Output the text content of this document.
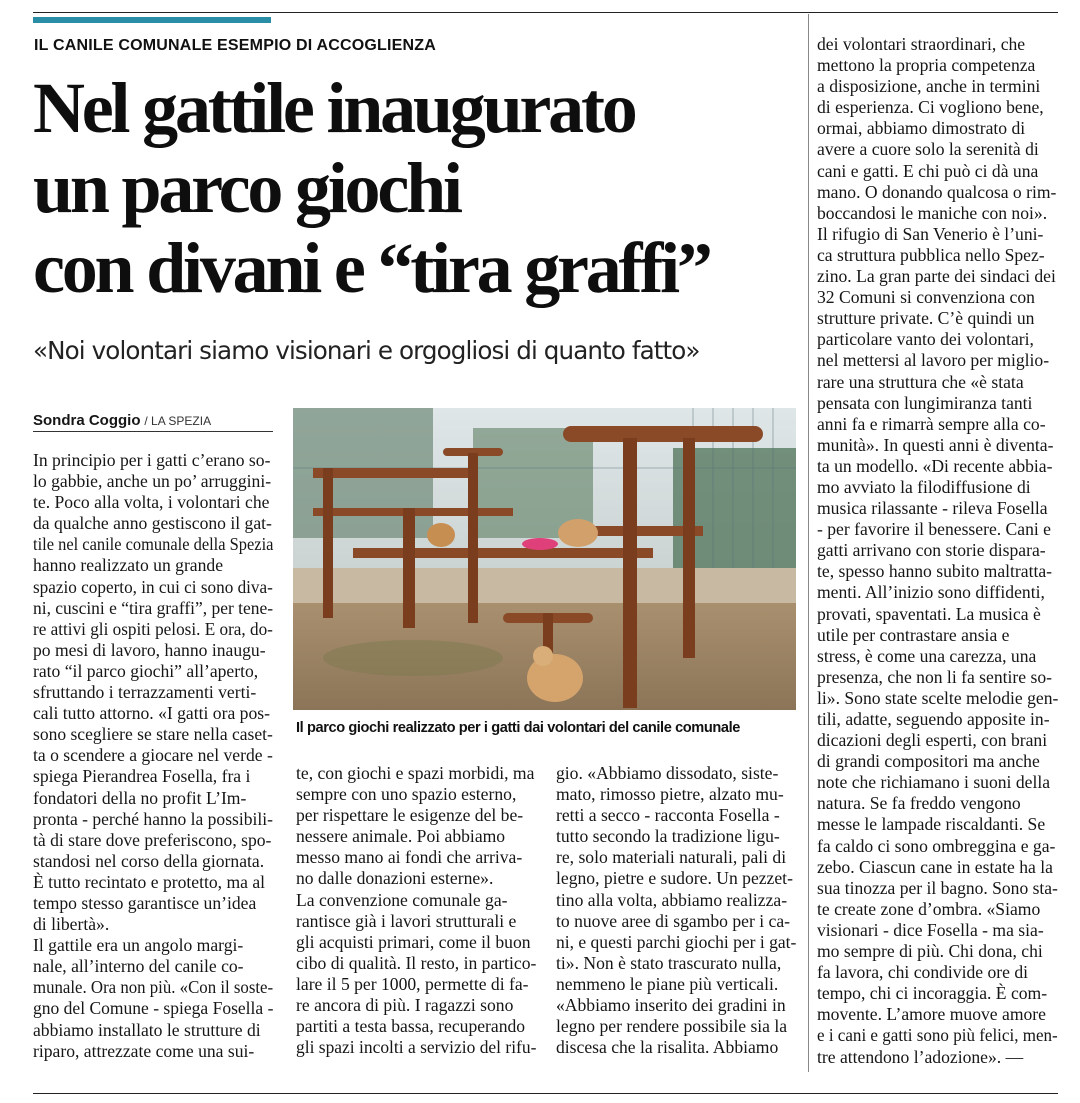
IL CANILE COMUNALE ESEMPIO DI ACCOGLIENZA
Nel gattile inaugurato
un parco giochi
con divani e “tira graffi”
«Noi volontari siamo visionari e orgogliosi di quanto fatto»
Sondra Coggio / LA SPEZIA
Il parco giochi realizzato per i gatti dai volontari del canile comunale
In principio per i gatti c’erano so-
lo gabbie, anche un po’ arruggini-
te. Poco alla volta, i volontari che
da qualche anno gestiscono il gat-
tile nel canile comunale della Spezia
hanno realizzato un grande
spazio coperto, in cui ci sono diva-
ni, cuscini e “tira graffi”, per tene-
re attivi gli ospiti pelosi. E ora, do-
po mesi di lavoro, hanno inaugu-
rato “il parco giochi” all’aperto,
sfruttando i terrazzamenti verti-
cali tutto attorno. «I gatti ora pos-
sono scegliere se stare nella caset-
ta o scendere a giocare nel verde -
spiega Pierandrea Fosella, fra i
fondatori della no profit L’Im-
pronta - perché hanno la possibili-
tà di stare dove preferiscono, spo-
standosi nel corso della giornata.
È tutto recintato e protetto, ma al
tempo stesso garantisce un’idea
di libertà».
Il gattile era un angolo margi-
nale, all’interno del canile co-
munale. Ora non più. «Con il soste-
gno del Comune - spiega Fosella -
abbiamo installato le strutture di
riparo, attrezzate come una sui-
te, con giochi e spazi morbidi, ma
sempre con uno spazio esterno,
per rispettare le esigenze del be-
nessere animale. Poi abbiamo
messo mano ai fondi che arriva-
no dalle donazioni esterne».
La convenzione comunale ga-
rantisce già i lavori strutturali e
gli acquisti primari, come il buon
cibo di qualità. Il resto, in partico-
lare il 5 per 1000, permette di fa-
re ancora di più. I ragazzi sono
partiti a testa bassa, recuperando
gli spazi incolti a servizio del rifu-
gio. «Abbiamo dissodato, siste-
mato, rimosso pietre, alzato mu-
retti a secco - racconta Fosella -
tutto secondo la tradizione ligu-
re, solo materiali naturali, pali di
legno, pietre e sudore. Un pezzet-
tino alla volta, abbiamo realizza-
to nuove aree di sgambo per i ca-
ni, e questi parchi giochi per i gat-
ti». Non è stato trascurato nulla,
nemmeno le piane più verticali.
«Abbiamo inserito dei gradini in
legno per rendere possibile sia la
discesa che la risalita. Abbiamo
dei volontari straordinari, che
mettono la propria competenza
a disposizione, anche in termini
di esperienza. Ci vogliono bene,
ormai, abbiamo dimostrato di
avere a cuore solo la serenità di
cani e gatti. E chi può ci dà una
mano. O donando qualcosa o rim-
boccandosi le maniche con noi».
Il rifugio di San Venerio è l’uni-
ca struttura pubblica nello Spez-
zino. La gran parte dei sindaci dei
32 Comuni si convenziona con
strutture private. C’è quindi un
particolare vanto dei volontari,
nel mettersi al lavoro per miglio-
rare una struttura che «è stata
pensata con lungimiranza tanti
anni fa e rimarrà sempre alla co-
munità». In questi anni è diventa-
ta un modello. «Di recente abbia-
mo avviato la filodiffusione di
musica rilassante - rileva Fosella
- per favorire il benessere. Cani e
gatti arrivano con storie dispara-
te, spesso hanno subito maltratta-
menti. All’inizio sono diffidenti,
provati, spaventati. La musica è
utile per contrastare ansia e
stress, è come una carezza, una
presenza, che non li fa sentire so-
li». Sono state scelte melodie gen-
tili, adatte, seguendo apposite in-
dicazioni degli esperti, con brani
di grandi compositori ma anche
note che richiamano i suoni della
natura. Se fa freddo vengono
messe le lampade riscaldanti. Se
fa caldo ci sono ombreggina e ga-
zebo. Ciascun cane in estate ha la
sua tinozza per il bagno. Sono sta-
te create zone d’ombra. «Siamo
visionari - dice Fosella - ma sia-
mo sempre di più. Chi dona, chi
fa lavora, chi condivide ore di
tempo, chi ci incoraggia. È com-
movente. L’amore muove amore
e i cani e gatti sono più felici, men-
tre attendono l’adozione». —
